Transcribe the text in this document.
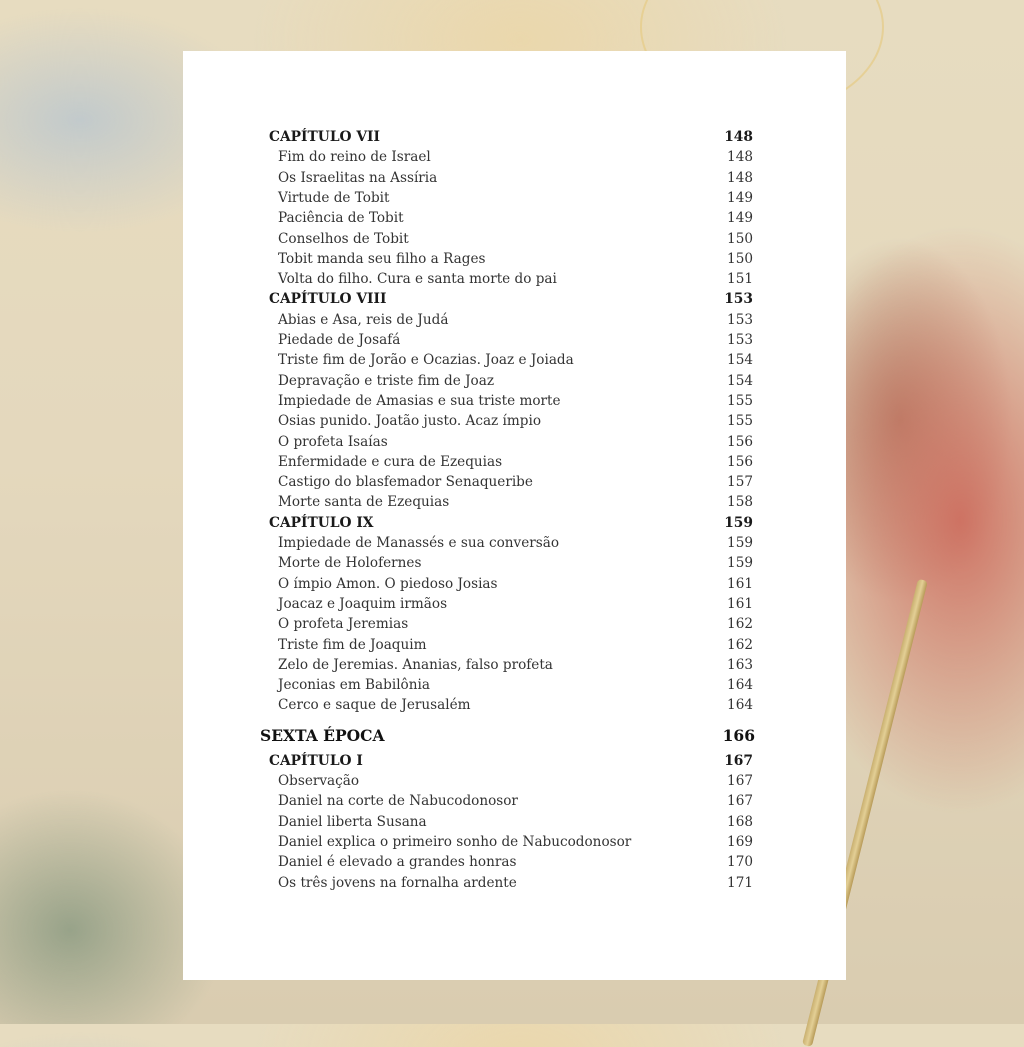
CAPÍTULO VII	148
Fim do reino de Israel	148
Os Israelitas na Assíria	148
Virtude de Tobit	149
Paciência de Tobit	149
Conselhos de Tobit	150
Tobit manda seu filho a Rages	150
Volta do filho. Cura e santa morte do pai	151
CAPÍTULO VIII	153
Abias e Asa, reis de Judá	153
Piedade de Josafá	153
Triste fim de Jorão e Ocazias. Joaz e Joiada	154
Depravação e triste fim de Joaz	154
Impiedade de Amasias e sua triste morte	155
Osias punido. Joatão justo. Acaz ímpio	155
O profeta Isaías	156
Enfermidade e cura de Ezequias	156
Castigo do blasfemador Senaqueribe	157
Morte santa de Ezequias	158
CAPÍTULO IX	159
Impiedade de Manassés e sua conversão	159
Morte de Holofernes	159
O ímpio Amon. O piedoso Josias	161
Joacaz e Joaquim irmãos	161
O profeta Jeremias	162
Triste fim de Joaquim	162
Zelo de Jeremias. Ananias, falso profeta	163
Jeconias em Babilônia	164
Cerco e saque de Jerusalém	164
SEXTA ÉPOCA	166
CAPÍTULO I	167
Observação	167
Daniel na corte de Nabucodonosor	167
Daniel liberta Susana	168
Daniel explica o primeiro sonho de Nabucodonosor	169
Daniel é elevado a grandes honras	170
Os três jovens na fornalha ardente	171
